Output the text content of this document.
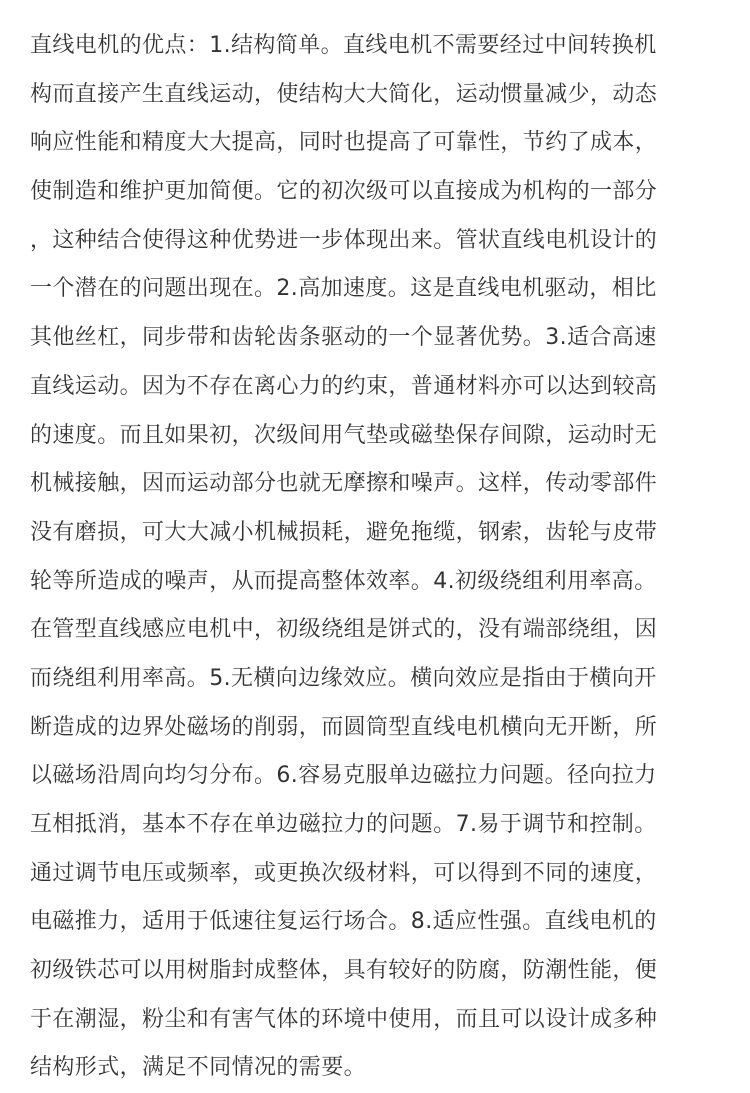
直线电机的优点：1.结构简单。直线电机不需要经过中间转换机
构而直接产生直线运动，使结构大大简化，运动惯量减少，动态
响应性能和精度大大提高，同时也提高了可靠性，节约了成本，
使制造和维护更加简便。它的初次级可以直接成为机构的一部分
，这种结合使得这种优势进一步体现出来。管状直线电机设计的
一个潜在的问题出现在。2.高加速度。这是直线电机驱动，相比
其他丝杠，同步带和齿轮齿条驱动的一个显著优势。3.适合高速
直线运动。因为不存在离心力的约束，普通材料亦可以达到较高
的速度。而且如果初，次级间用气垫或磁垫保存间隙，运动时无
机械接触，因而运动部分也就无摩擦和噪声。这样，传动零部件
没有磨损，可大大减小机械损耗，避免拖缆，钢索，齿轮与皮带
轮等所造成的噪声，从而提高整体效率。4.初级绕组利用率高。
在管型直线感应电机中，初级绕组是饼式的，没有端部绕组，因
而绕组利用率高。5.无横向边缘效应。横向效应是指由于横向开
断造成的边界处磁场的削弱，而圆筒型直线电机横向无开断，所
以磁场沿周向均匀分布。6.容易克服单边磁拉力问题。径向拉力
互相抵消，基本不存在单边磁拉力的问题。7.易于调节和控制。
通过调节电压或频率，或更换次级材料，可以得到不同的速度，
电磁推力，适用于低速往复运行场合。8.适应性强。直线电机的
初级铁芯可以用树脂封成整体，具有较好的防腐，防潮性能，便
于在潮湿，粉尘和有害气体的环境中使用，而且可以设计成多种
结构形式，满足不同情况的需要。
